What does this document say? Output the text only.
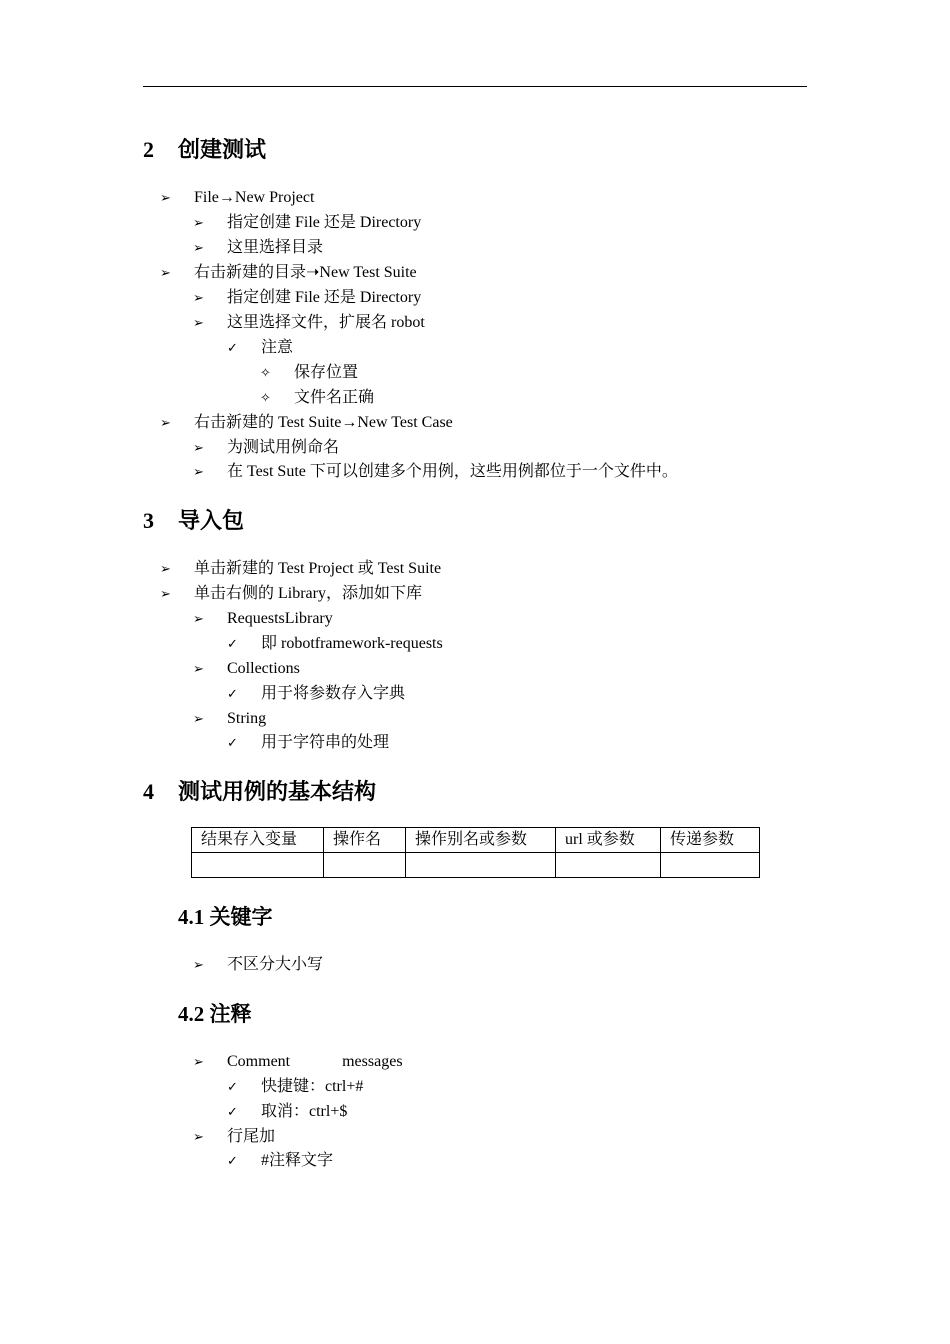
2 创建测试
➢ File→New Project
➢ 指定创建 File 还是 Directory
➢ 这里选择目录
➢ 右击新建的目录➝New Test Suite
➢ 指定创建 File 还是 Directory
➢ 这里选择文件，扩展名 robot
✓ 注意
✧ 保存位置
✧ 文件名正确
➢ 右击新建的 Test Suite→New Test Case
➢ 为测试用例命名
➢ 在 Test Sute 下可以创建多个用例，这些用例都位于一个文件中。
3 导入包
➢ 单击新建的 Test Project 或 Test Suite
➢ 单击右侧的 Library，添加如下库
➢ RequestsLibrary
✓ 即 robotframework-requests
➢ Collections
✓ 用于将参数存入字典
➢ String
✓ 用于字符串的处理
4 测试用例的基本结构
结果存入变量	操作名	操作别名或参数	url 或参数	传递参数

4.1 关键字
➢ 不区分大小写
4.2 注释
➢ Comment	messages
✓ 快捷键：ctrl+#
✓ 取消：ctrl+$
➢ 行尾加
✓ #注释文字
